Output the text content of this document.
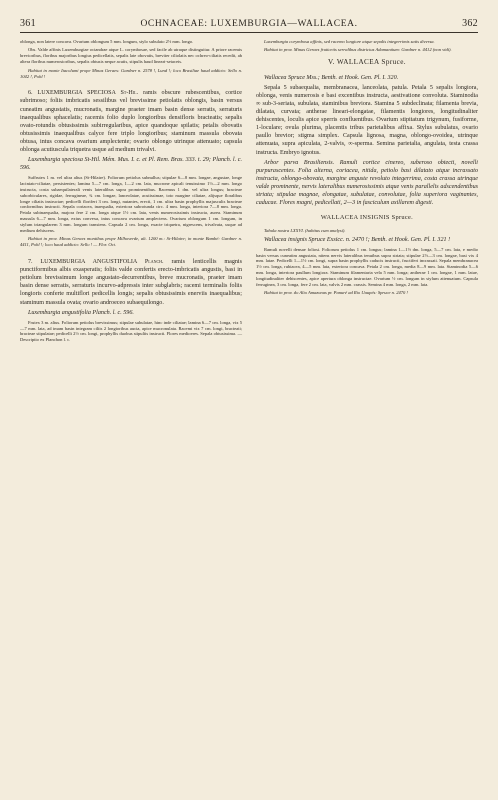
361	OCHNACEAE: LUXEMBURGIA—WALLACEA.	362

oblonga, non latere concava. Ovarium oblongum 5 mm. longum, stylo subulato 2½ mm. longo.

Obs. Valde affinis Luxemburgiae octandrae atque L. corymbosae, sed facile ab utraque distinguitur. A priore racemis brevioribus, floribus majoribus longius pedicellatis, sepalis late obovatis, breviter ciliolatis nec ochreo-ciliatis recedit, ab altera floribus numerosioribus, sepalis obtusis neque acutis, stipulis haud lineari-setaceis.

Habitat in monte Itacolumi prope Minas Geraes: Gardner n. 2578 !, Lund !; loco Brasiliae haud addicto: Sello n. 1042 !, Pohl !

6. LUXEMBURGIA SPECIOSA St-Hil. ramis obscure rubescentibus, cortice subrimoso; foliis imbricatis sessilibus vel brevissime petiolatis oblongis, basin versus cuneatim angustatis, mucronatis, margine praeter imam basin dense serratis, serraturis inaequalibus sphacelatis; racemis folio duplo longioribus densifloris bracteatis; sepalis ovato-rotundis obtusissimis subirregularibus, apice quandoque spilatis; petalis obovatis obtusissimis inaequalibus calyce fere triplo longioribus; staminum massula obovata obtusa, intus concava ovarium amplectente; ovario oblongo utrinque attenuato; capsula oblonga acutiuscula triquetra usque ad medium trivalvi.

Luxemburgia speciosa St-Hil. Mém. Mus. I. c. et Pl. Rem. Bras. 333. t. 29; Planch. l. c. 596.

Suffrutex 1 m. vel ultra altus (St-Hilaire). Foliorum petiolus subnullus; stipulae 6—8 mm. longae, angustae, longe laciniato-ciliatae, persistentes; lamina 5—7 cm. longa, 1—2 cm. lata, mucrone apicali tenuissimo 1½—2 mm. longo instructa, costa subaequilaterali venis lateralibus supra prominentibus. Racemus 1 dm. vel ultra longus; bracteae suborbiculares, rigidae, ferrugineae, ¾ cm. longae, lanceolatae, acutissimae, toto margine ciliatae, alijsque floralibus longe ciliatis instructae; pedicelli floriferi 3 cm. longi, nutantes, erecti, 1 cm. ultra basin prophyllis majusculis bracteae conformibus instructi. Sepala coriacea, inaequalia, exteriora subrotunda circ. 4 mm. longa, interiora 7—8 mm. longa. Petala subinaequalia, majora fere 2 cm. longa atque 1½ cm. lata, venis numerosissimis instructa, aurea. Staminum massula 6—7 mm. longa, extus convexa, intus concava ovarium amplectens. Ovarium oblongum 1 cm. longum, in stylum triangularem 3 mm. longum transiens. Capsula 2 cm. longa, exacte triquetra, nigrescens, trivalvata, usque ad medium dehiscens.

Habitat in prov. Minas Geraes montibus prope Milhoverde, alt. 1200 m.: St-Hilaire; in monte Bambé: Gardner n. 4411, Pohl !; loco haud addicto: Sello ! — Flor. Oct.

7. LUXEMBURGIA ANGUSTIFOLIA Planch. ramis lenticellis magnis punctiformibus albis exasperatis; foliis valde confertis erecto-imbricatis angustis, basi in petiolum brevissimum longe angustato-decurrentibus, breve mucronatis, praeter imam basin dense serratis, serraturis incurvo-adpressis inter subglabris; racemi terminalis foliis longioris conferte multiflori pedicellis longis; sepalis obtusissimis enerviis inaequalibus; staminum massula ovata; ovario androeceo subaequilongo.

Luxemburgia angustifolia Planch. l. c. 596.

Frutex 3 m. altus. Foliorum petiolus brevissimus; stipulae subulatae, hinc inde ciliatae; lamina 6—7 cm. longa, vix 5—7 mm. lata, ad imam basin integram ciliis 2 longioribus aucta, apice mucronulata. Racemi vix 7 cm. longi, bracteati; bracteae stipulatae; pedicelli 2½ cm. longi, prophyllis duobus stipuliis instructi. Flores medioeres. Sepala obtusissima. — Descriptio ex Planchon l. c.

Luxemburgia corymbosa affinis, sed racemo longiore atque sepalis integerrimis satis diversa.

Habitat in prov. Minas Geraes fruticetis serralibus districtus Adamantium: Gardner n. 4412 (non vidi).

V. WALLACEA Spruce.

Wallacea Spruce Mss.; Benth. et Hook. Gen. Pl. I. 320.

Sepala 5 subaequalia, membranacea, lanceolata, patula. Petala 5 sepalis longiora, oblonga, venis numerosis e basi excentibus instructa, aestivatione convoluta. Staminodia ∞ sub-3-seriata, subulata, staminibus breviora. Stamina 5 subdeclinata; filamenta brevia, dilatata, curvata; antherae lineari-elongatae, filamentis longiores, longitudinaliter dehiscentes, loculis apice sperris confluentibus. Ovarium stipitatum trigynum, fusiforme, 1-loculare; ovula plurima, placentis tribus parietalibus affixa. Stylus subulatus, ovario paullo brevior; stigma simplex. Capsula lignosa, magna, oblongo-ovoidea, utrinque attenuata, supra apiculata, 2-valvis, ∞-sperma. Semina parietalia, angulata, testa crassa instructa. Embryo ignotus.

Arbor parva Brasiliensis. Ramuli cortice cinereo, suberoso obtecti, novelli purpurascentes. Folia alterna, coriacea, nitida, petiolo basi dilatato atque incrassato instructa, oblongo-obovata, margine anguste revoluto integerrima, costa crassa utrinque valde prominente, nervis lateralibus numerosissimis atque venis parallelis adscendentibus striata; stipulae magnae, elongatae, subulatae, convolutae, folia superiora vaginantes, caducae. Flores magni, pedicellati, 2—3 in fasciculum axillarem digesti.

WALLACEA INSIGNIS Spruce.

Tabula nostra LXXVI. (habitus cum analysi).

Wallacea insignis Spruce Exsicc. n. 2470 !; Benth. et Hook. Gen. Pl. I. 321 !

Ramuli novelli densae foliosi. Foliorum petiolus 1 cm. longus; lamina 1—1½ dm. longa, 5—7 cm. lata, e medio basin versus cuneatim angustata, nitens nervis lateralibus tenuibus supra striata; stipulae 2½—3 cm. longae, basi vix 4 mm. latae. Pedicelli 1—1½ cm. longi, supra basin prophyllis caducis instructi, fructiferi incrassati. Sepala membranacea 1½ cm. longa, rubiacea, 4—5 mm. lata, exteriora concava. Petala 2 cm. longa, media 8—9 mm. lata. Staminodia 5—6 mm. longa, interiora paullum longiora. Staminum filamentaria vela 5 mm. longa; antherae 1 cm. longae, 1 mm. latae, longitudinaliter dehiscentes, apice apertura oblonga instructae. Ovarium ½ cm. longum in stylum attenuatum. Capsula ferruginea, 3 cm. longa, fere 2 cm. lata, valvis 2 mm. crassis. Semina 4 mm. longa, 2 mm. lata.

Habitat in prov. do Alto Amazonas pr. Panuré ad Rio Uaupés: Spruce n. 2470 !
